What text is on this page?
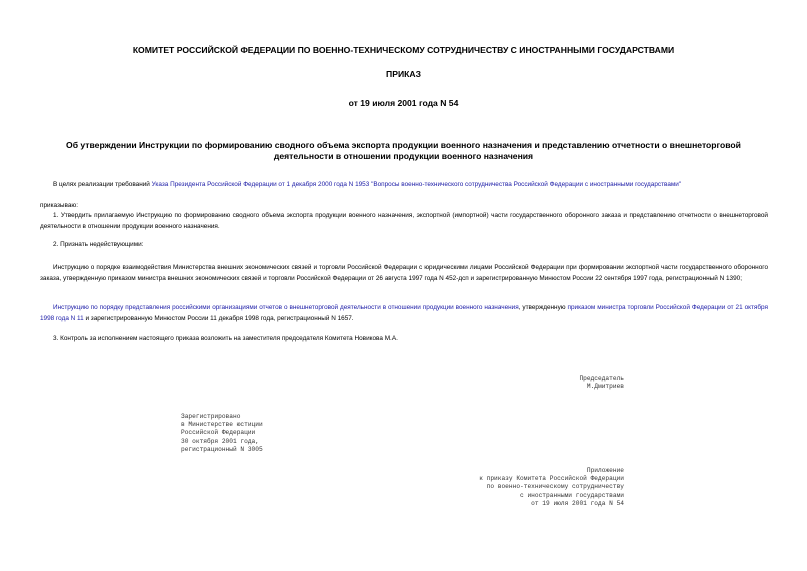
КОМИТЕТ РОССИЙСКОЙ ФЕДЕРАЦИИ ПО ВОЕННО-ТЕХНИЧЕСКОМУ СОТРУДНИЧЕСТВУ С ИНОСТРАННЫМИ ГОСУДАРСТВАМИ
ПРИКАЗ
от 19 июля 2001 года N 54
Об утверждении Инструкции по формированию сводного объема экспорта продукции военного назначения и представлению отчетности о внешнеторговой
деятельности в отношении продукции военного назначения
В целях реализации требований Указа Президента Российской Федерации от 1 декабря 2000 года N 1953 "Вопросы военно-технического сотрудничества Российской Федерации с иностранными государствами"
приказываю:
1. Утвердить прилагаемую Инструкцию по формированию сводного объема экспорта продукции военного назначения, экспортной (импортной) части государственного оборонного заказа и представлению отчетности о внешнеторговой деятельности в отношении продукции военного назначения.
2. Признать недействующими:
Инструкцию о порядке взаимодействия Министерства внешних экономических связей и торговли Российской Федерации с юридическими лицами Российской Федерации при формировании экспортной части государственного оборонного заказа, утвержденную приказом министра внешних экономических связей и торговли Российской Федерации от 26 августа 1997 года N 452-дсп и зарегистрированную Минюстом России 22 сентября 1997 года, регистрационный N 1390;
Инструкцию по порядку представления российскими организациями отчетов о внешнеторговой деятельности в отношении продукции военного назначения, утвержденную приказом министра торговли Российской Федерации от 21 октября 1998 года N 11 и зарегистрированную Минюстом России 11 декабря 1998 года, регистрационный N 1657.
3. Контроль за исполнением настоящего приказа возложить на заместителя председателя Комитета Новикова М.А.
Председатель
М.Дмитриев
Зарегистрировано
в Министерстве юстиции
Российской Федерации
30 октября 2001 года,
регистрационный N 3005
Приложение
к приказу Комитета Российской Федерации
по военно-техническому сотрудничеству
с иностранными государствами
от 19 июля 2001 года N 54
